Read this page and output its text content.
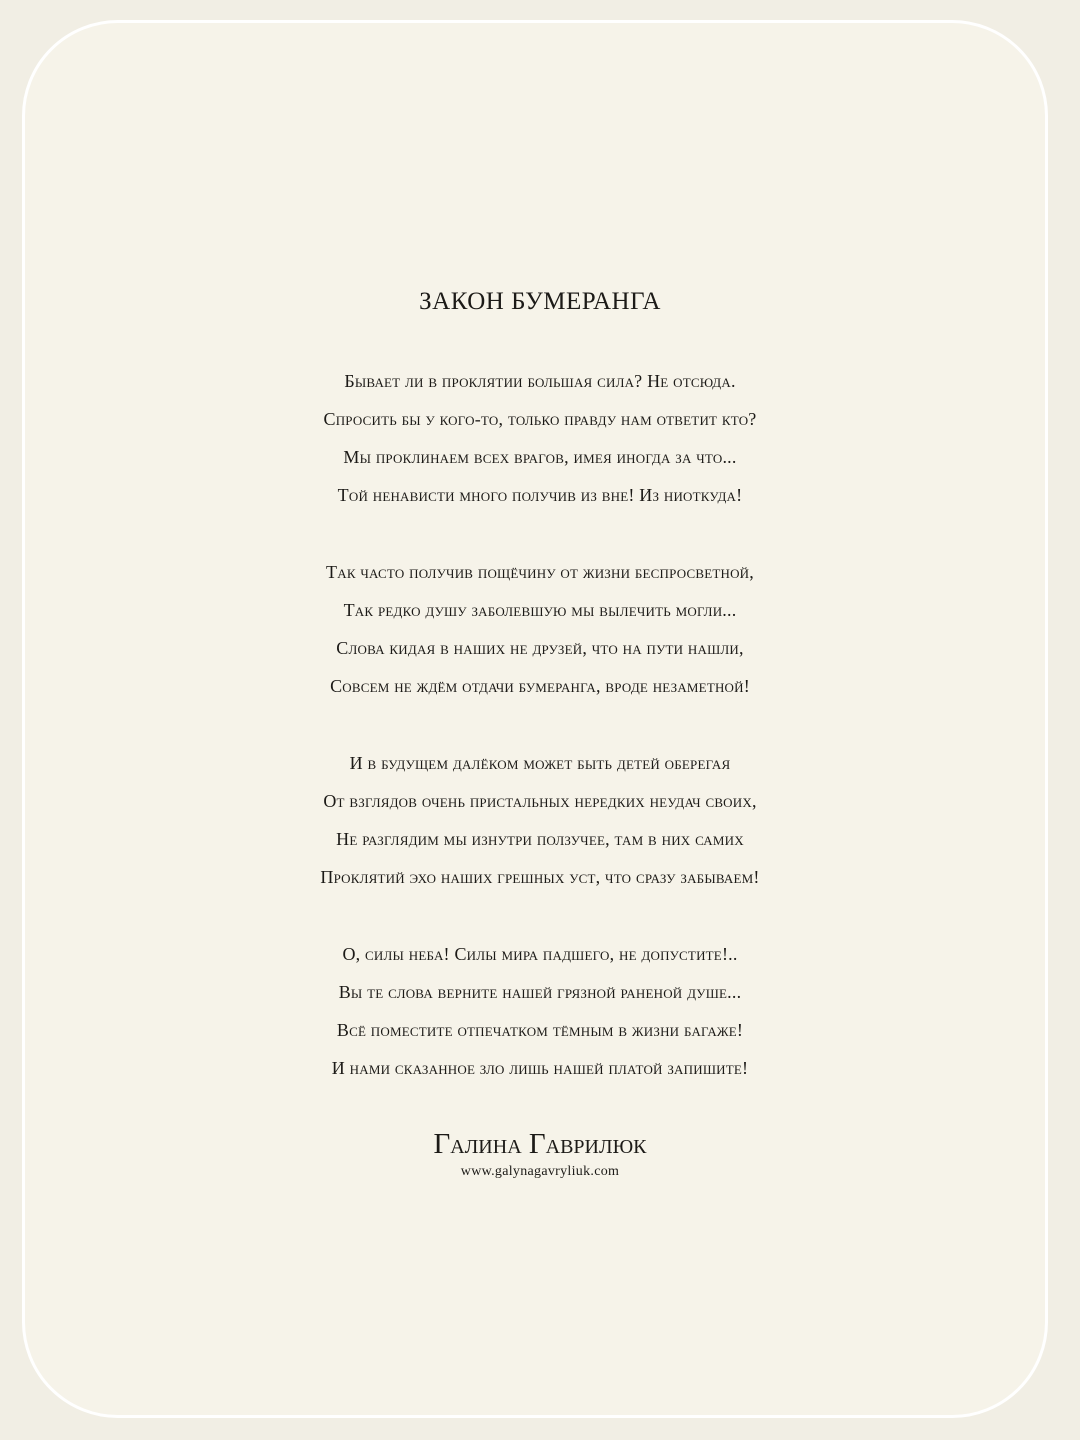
ЗАКОН БУМЕРАНГА
Бывает ли в проклятии большая сила? Не отсюда.
Спросить бы у кого-то, только правду нам ответит кто?
Мы проклинаем всех врагов, имея иногда за что...
Той ненависти много получив из вне! Из ниоткуда!
Так часто получив пощёчину от жизни беспросветной,
Так редко душу заболевшую мы вылечить могли...
Слова кидая в наших не друзей, что на пути нашли,
Совсем не ждём отдачи бумеранга, вроде незаметной!
И в будущем далёком может быть детей оберегая
От взглядов очень пристальных нередких неудач своих,
Не разглядим мы изнутри ползучее, там в них самих
Проклятий эхо наших грешных уст, что сразу забываем!
О, силы неба! Силы мира падшего, не допустите!..
Вы те слова верните нашей грязной раненой душе...
Всё поместите отпечатком тёмным в жизни багаже!
И нами сказанное зло лишь нашей платой запишите!
Галина Гаврилюк
www.galynagavryliuk.com
